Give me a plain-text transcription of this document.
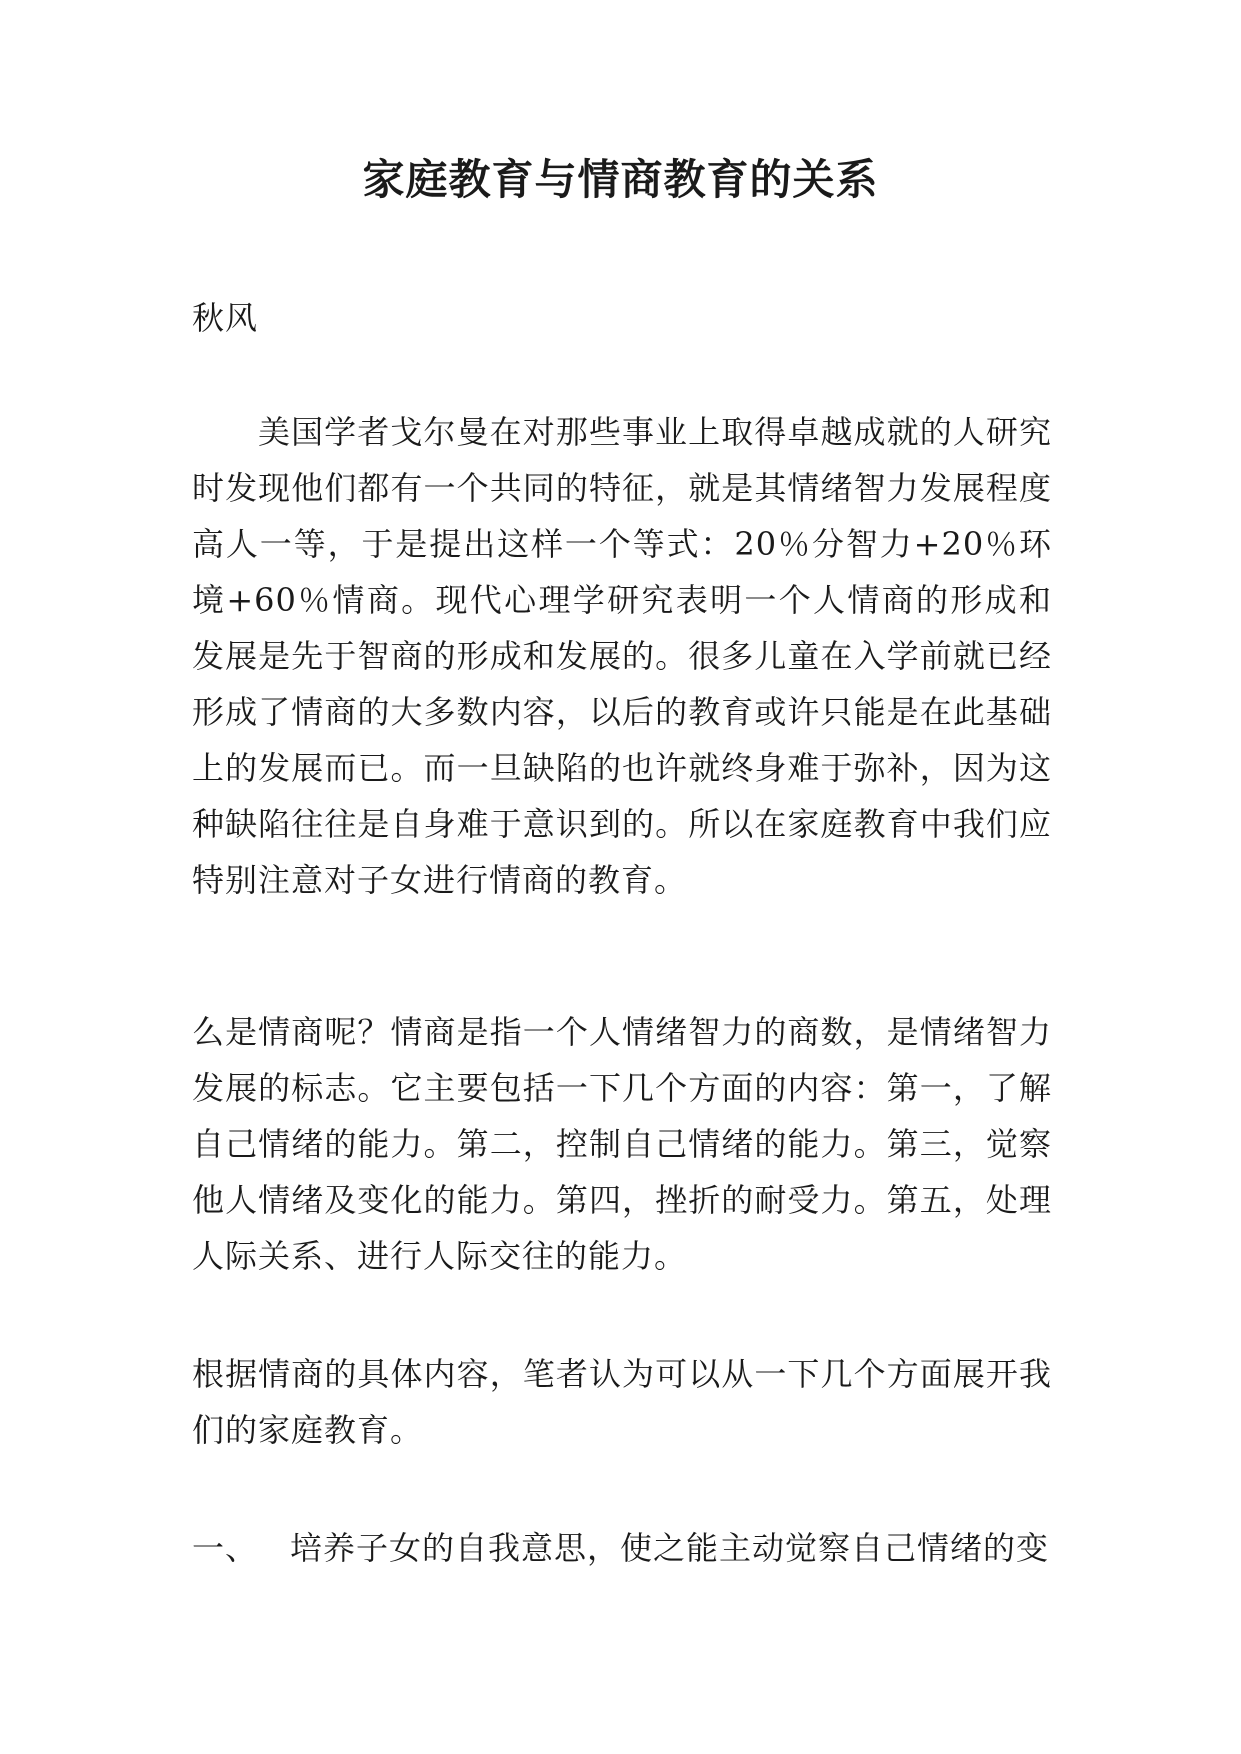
家庭教育与情商教育的关系
秋风
美国学者戈尔曼在对那些事业上取得卓越成就的人研究时发现他们都有一个共同的特征，就是其情绪智力发展程度高人一等，于是提出这样一个等式：20％分智力+20％环境+60％情商。现代心理学研究表明一个人情商的形成和发展是先于智商的形成和发展的。很多儿童在入学前就已经形成了情商的大多数内容，以后的教育或许只能是在此基础上的发展而已。而一旦缺陷的也许就终身难于弥补，因为这种缺陷往往是自身难于意识到的。所以在家庭教育中我们应特别注意对子女进行情商的教育。
么是情商呢？情商是指一个人情绪智力的商数，是情绪智力发展的标志。它主要包括一下几个方面的内容：第一，了解自己情绪的能力。第二，控制自己情绪的能力。第三，觉察他人情绪及变化的能力。第四，挫折的耐受力。第五，处理人际关系、进行人际交往的能力。
根据情商的具体内容，笔者认为可以从一下几个方面展开我们的家庭教育。
一、 培养子女的自我意思，使之能主动觉察自己情绪的变
